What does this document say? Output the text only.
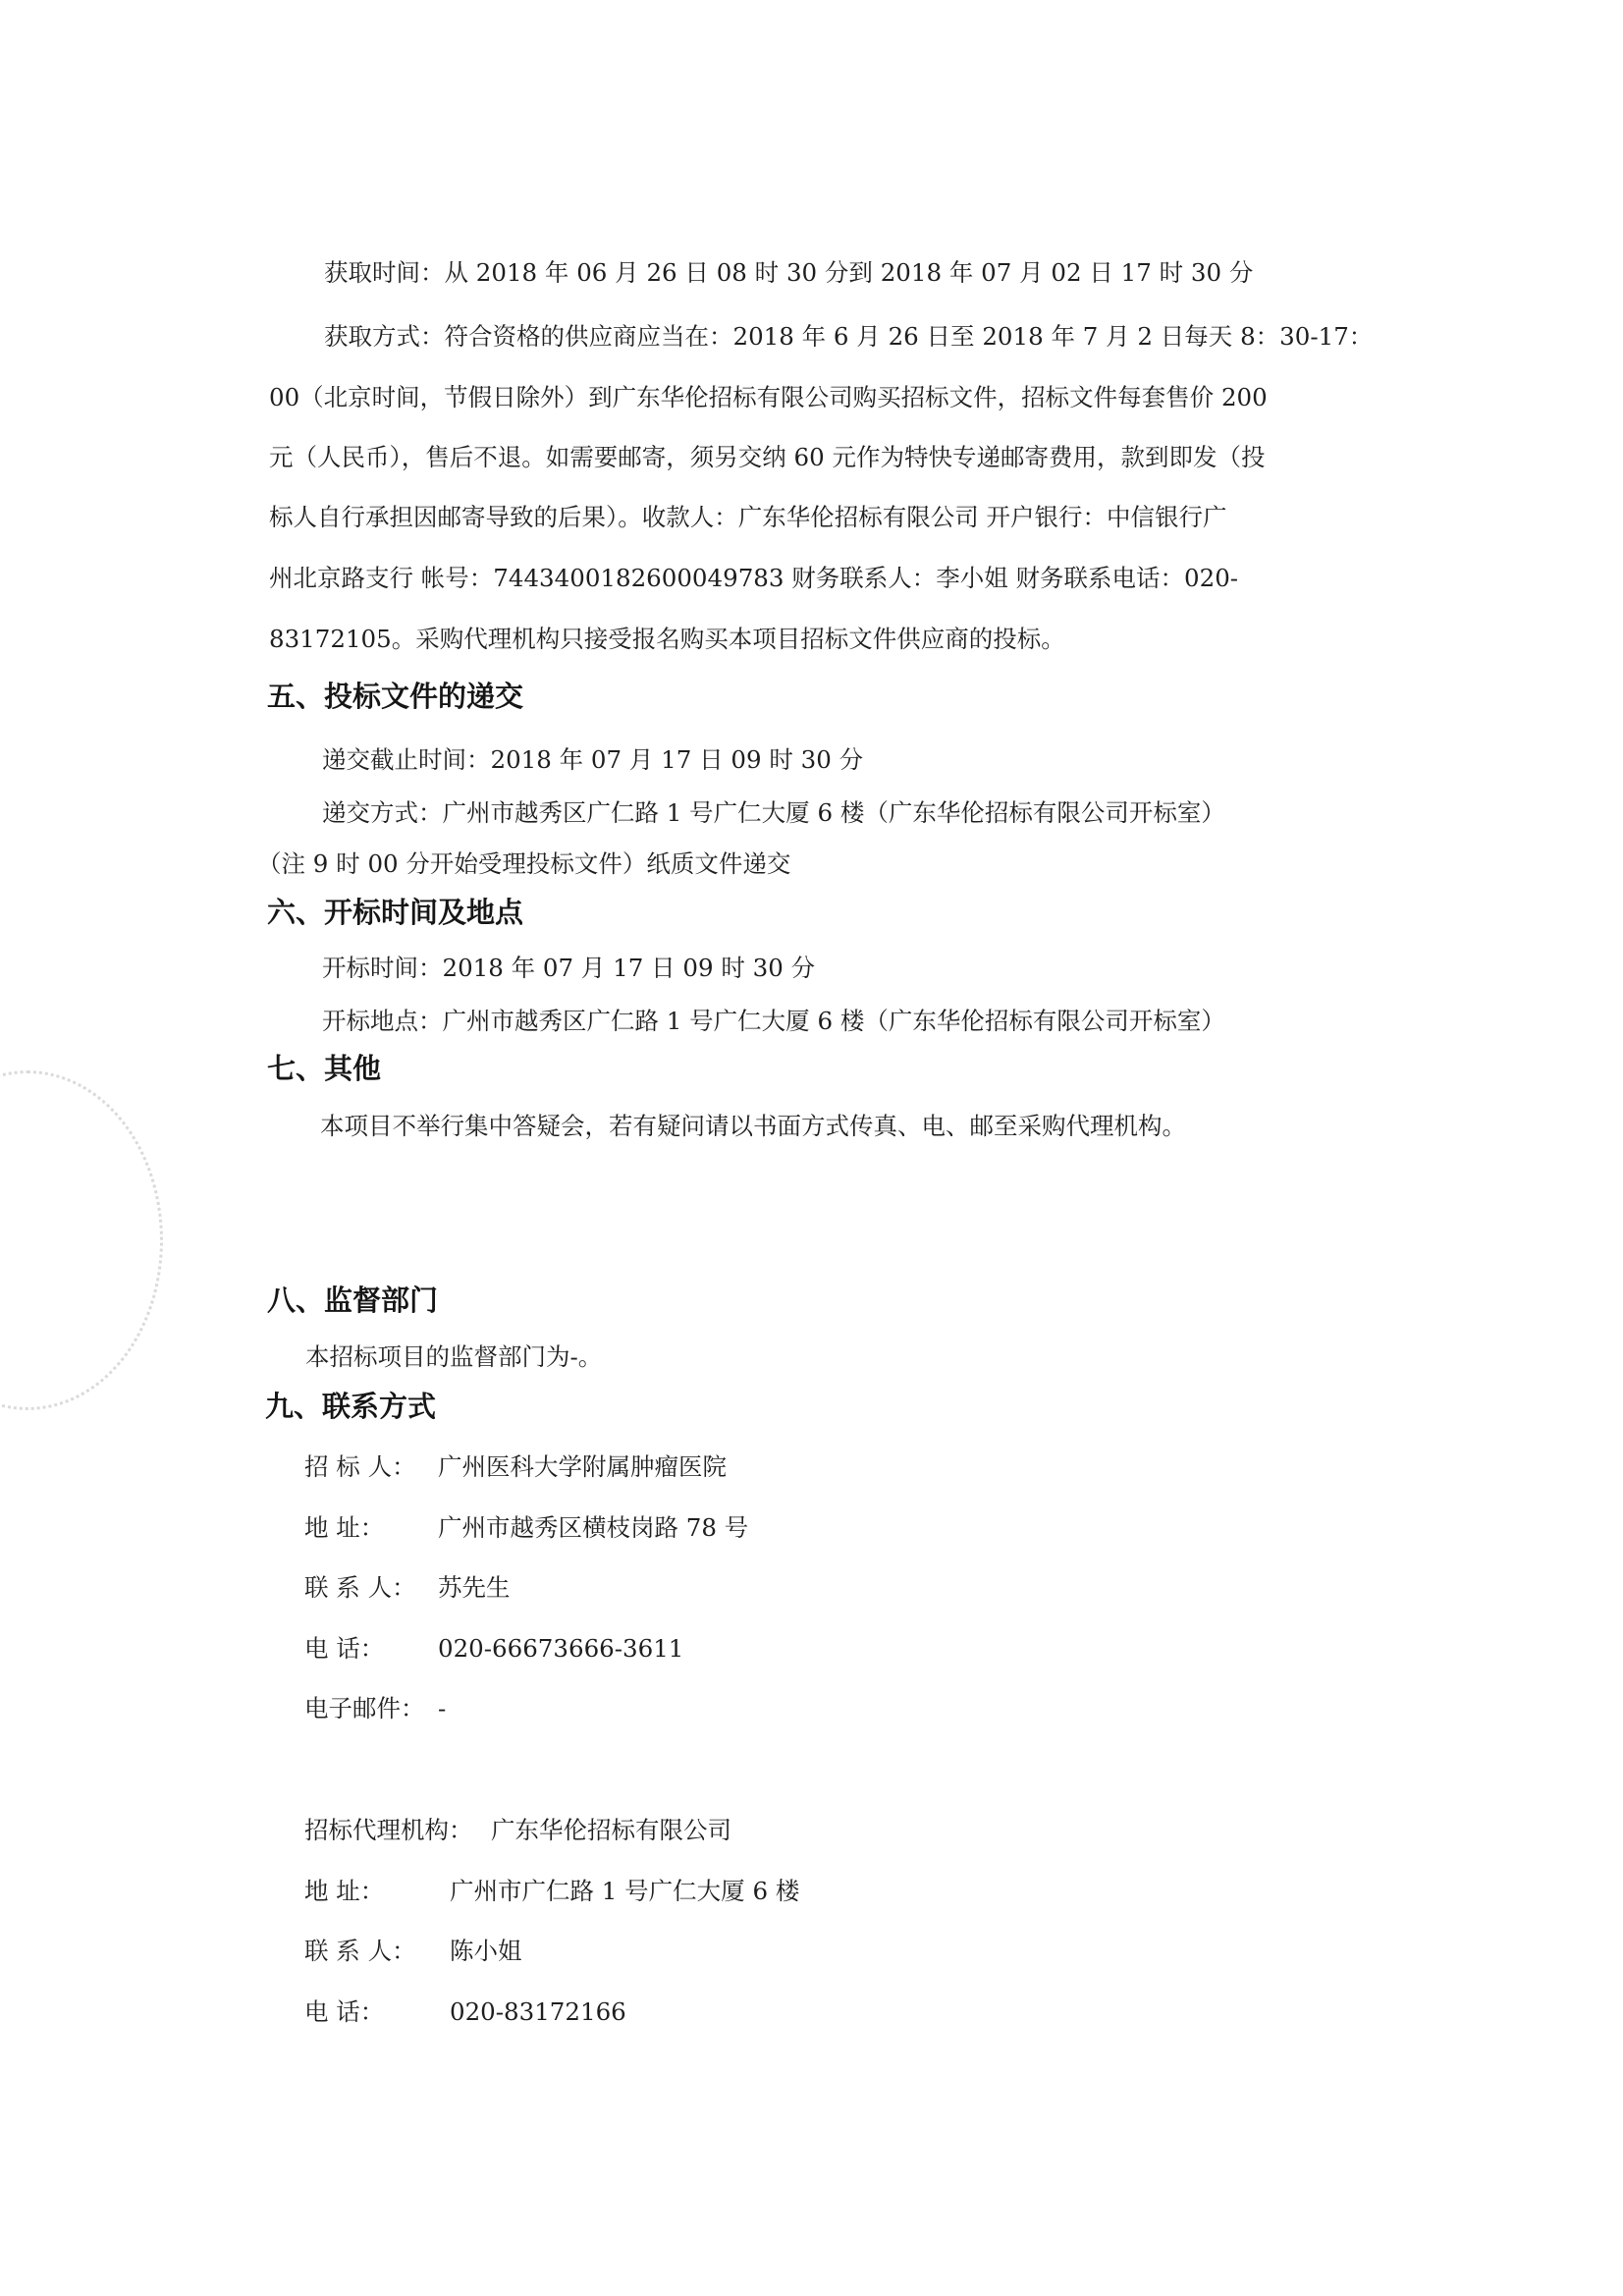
获取时间：从 2018 年 06 月 26 日 08 时 30 分到 2018 年 07 月 02 日 17 时 30 分
获取方式：符合资格的供应商应当在：2018 年 6 月 26 日至 2018 年 7 月 2 日每天 8：30-17：
00（北京时间，节假日除外）到广东华伦招标有限公司购买招标文件，招标文件每套售价 200
元（人民币），售后不退。如需要邮寄，须另交纳 60 元作为特快专递邮寄费用，款到即发（投
标人自行承担因邮寄导致的后果）。收款人：广东华伦招标有限公司 开户银行：中信银行广
州北京路支行 帐号：7443400182600049783 财务联系人：李小姐 财务联系电话：020-
83172105。采购代理机构只接受报名购买本项目招标文件供应商的投标。
五、投标文件的递交
递交截止时间：2018 年 07 月 17 日 09 时 30 分
递交方式：广州市越秀区广仁路 1 号广仁大厦 6 楼（广东华伦招标有限公司开标室）
（注 9 时 00 分开始受理投标文件）纸质文件递交
六、开标时间及地点
开标时间：2018 年 07 月 17 日 09 时 30 分
开标地点：广州市越秀区广仁路 1 号广仁大厦 6 楼（广东华伦招标有限公司开标室）
七、其他
本项目不举行集中答疑会，若有疑问请以书面方式传真、电、邮至采购代理机构。
八、监督部门
本招标项目的监督部门为-。
九、联系方式
招 标 人： 广州医科大学附属肿瘤医院
地 址： 广州市越秀区横枝岗路 78 号
联 系 人： 苏先生
电 话： 020-66673666-3611
电子邮件： -
招标代理机构： 广东华伦招标有限公司
地 址：	广州市广仁路 1 号广仁大厦 6 楼
联 系 人： 陈小姐
电 话：	020-83172166
